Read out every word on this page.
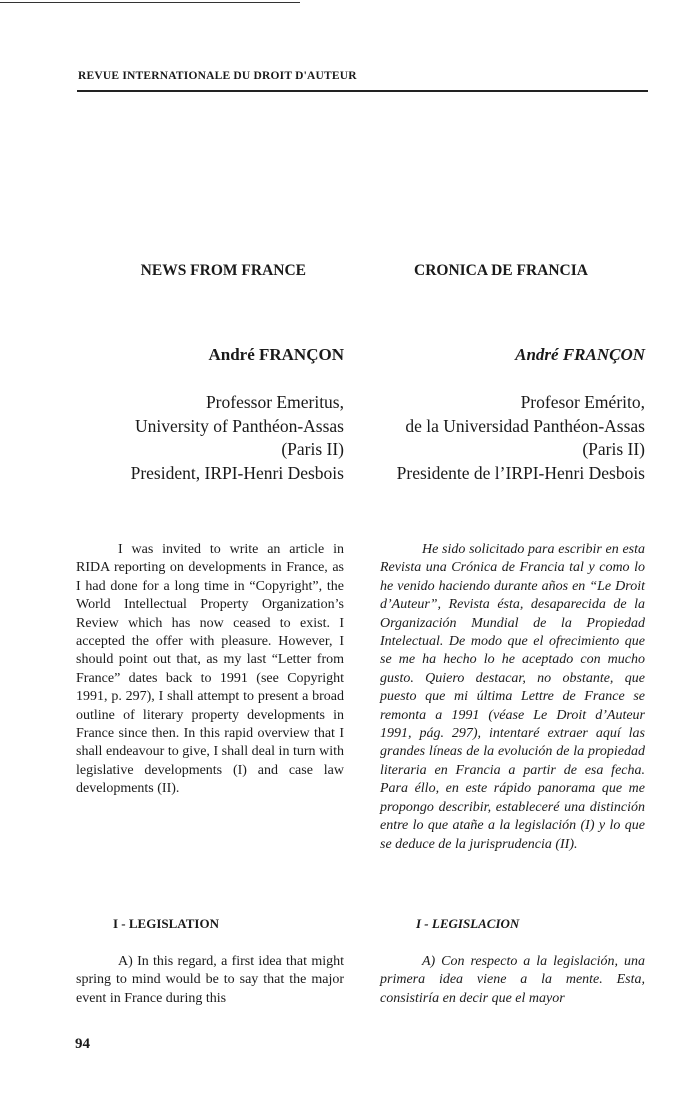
REVUE INTERNATIONALE DU DROIT D'AUTEUR
NEWS FROM FRANCE	CRONICA DE FRANCIA
André FRANÇON	André FRANÇON
Professor Emeritus,
University of Panthéon-Assas
(Paris II)
President, IRPI-Henri Desbois
Profesor Emérito,
de la Universidad Panthéon-Assas
(Paris II)
Presidente de l’IRPI-Henri Desbois

I was invited to write an article in RIDA reporting on developments in France, as I had done for a long time in “Copyright”, the World Intellectual Property Organization’s Review which has now ceased to exist. I accepted the offer with pleasure. However, I should point out that, as my last “Letter from France” dates back to 1991 (see Copyright 1991, p. 297), I shall attempt to present a broad outline of literary property developments in France since then. In this rapid overview that I shall endeavour to give, I shall deal in turn with legislative developments (I) and case law developments (II).

He sido solicitado para escribir en esta Revista una Crónica de Francia tal y como lo he venido haciendo durante años en “Le Droit d’Auteur”, Revista ésta, desaparecida de la Organización Mundial de la Propiedad Intelectual. De modo que el ofrecimiento que se me ha hecho lo he aceptado con mucho gusto. Quiero destacar, no obstante, que puesto que mi última Lettre de France se remonta a 1991 (véase Le Droit d’Auteur 1991, pág. 297), intentaré extraer aquí las grandes líneas de la evolución de la propiedad literaria en Francia a partir de esa fecha. Para éllo, en este rápido panorama que me propongo describir, estableceré una distinción entre lo que atañe a la legislación (I) y lo que se deduce de la jurisprudencia (II).

I - LEGISLATION	I - LEGISLACION

A) In this regard, a first idea that might spring to mind would be to say that the major event in France during this

A) Con respecto a la legislación, una primera idea viene a la mente. Esta, consistiría en decir que el mayor

94
